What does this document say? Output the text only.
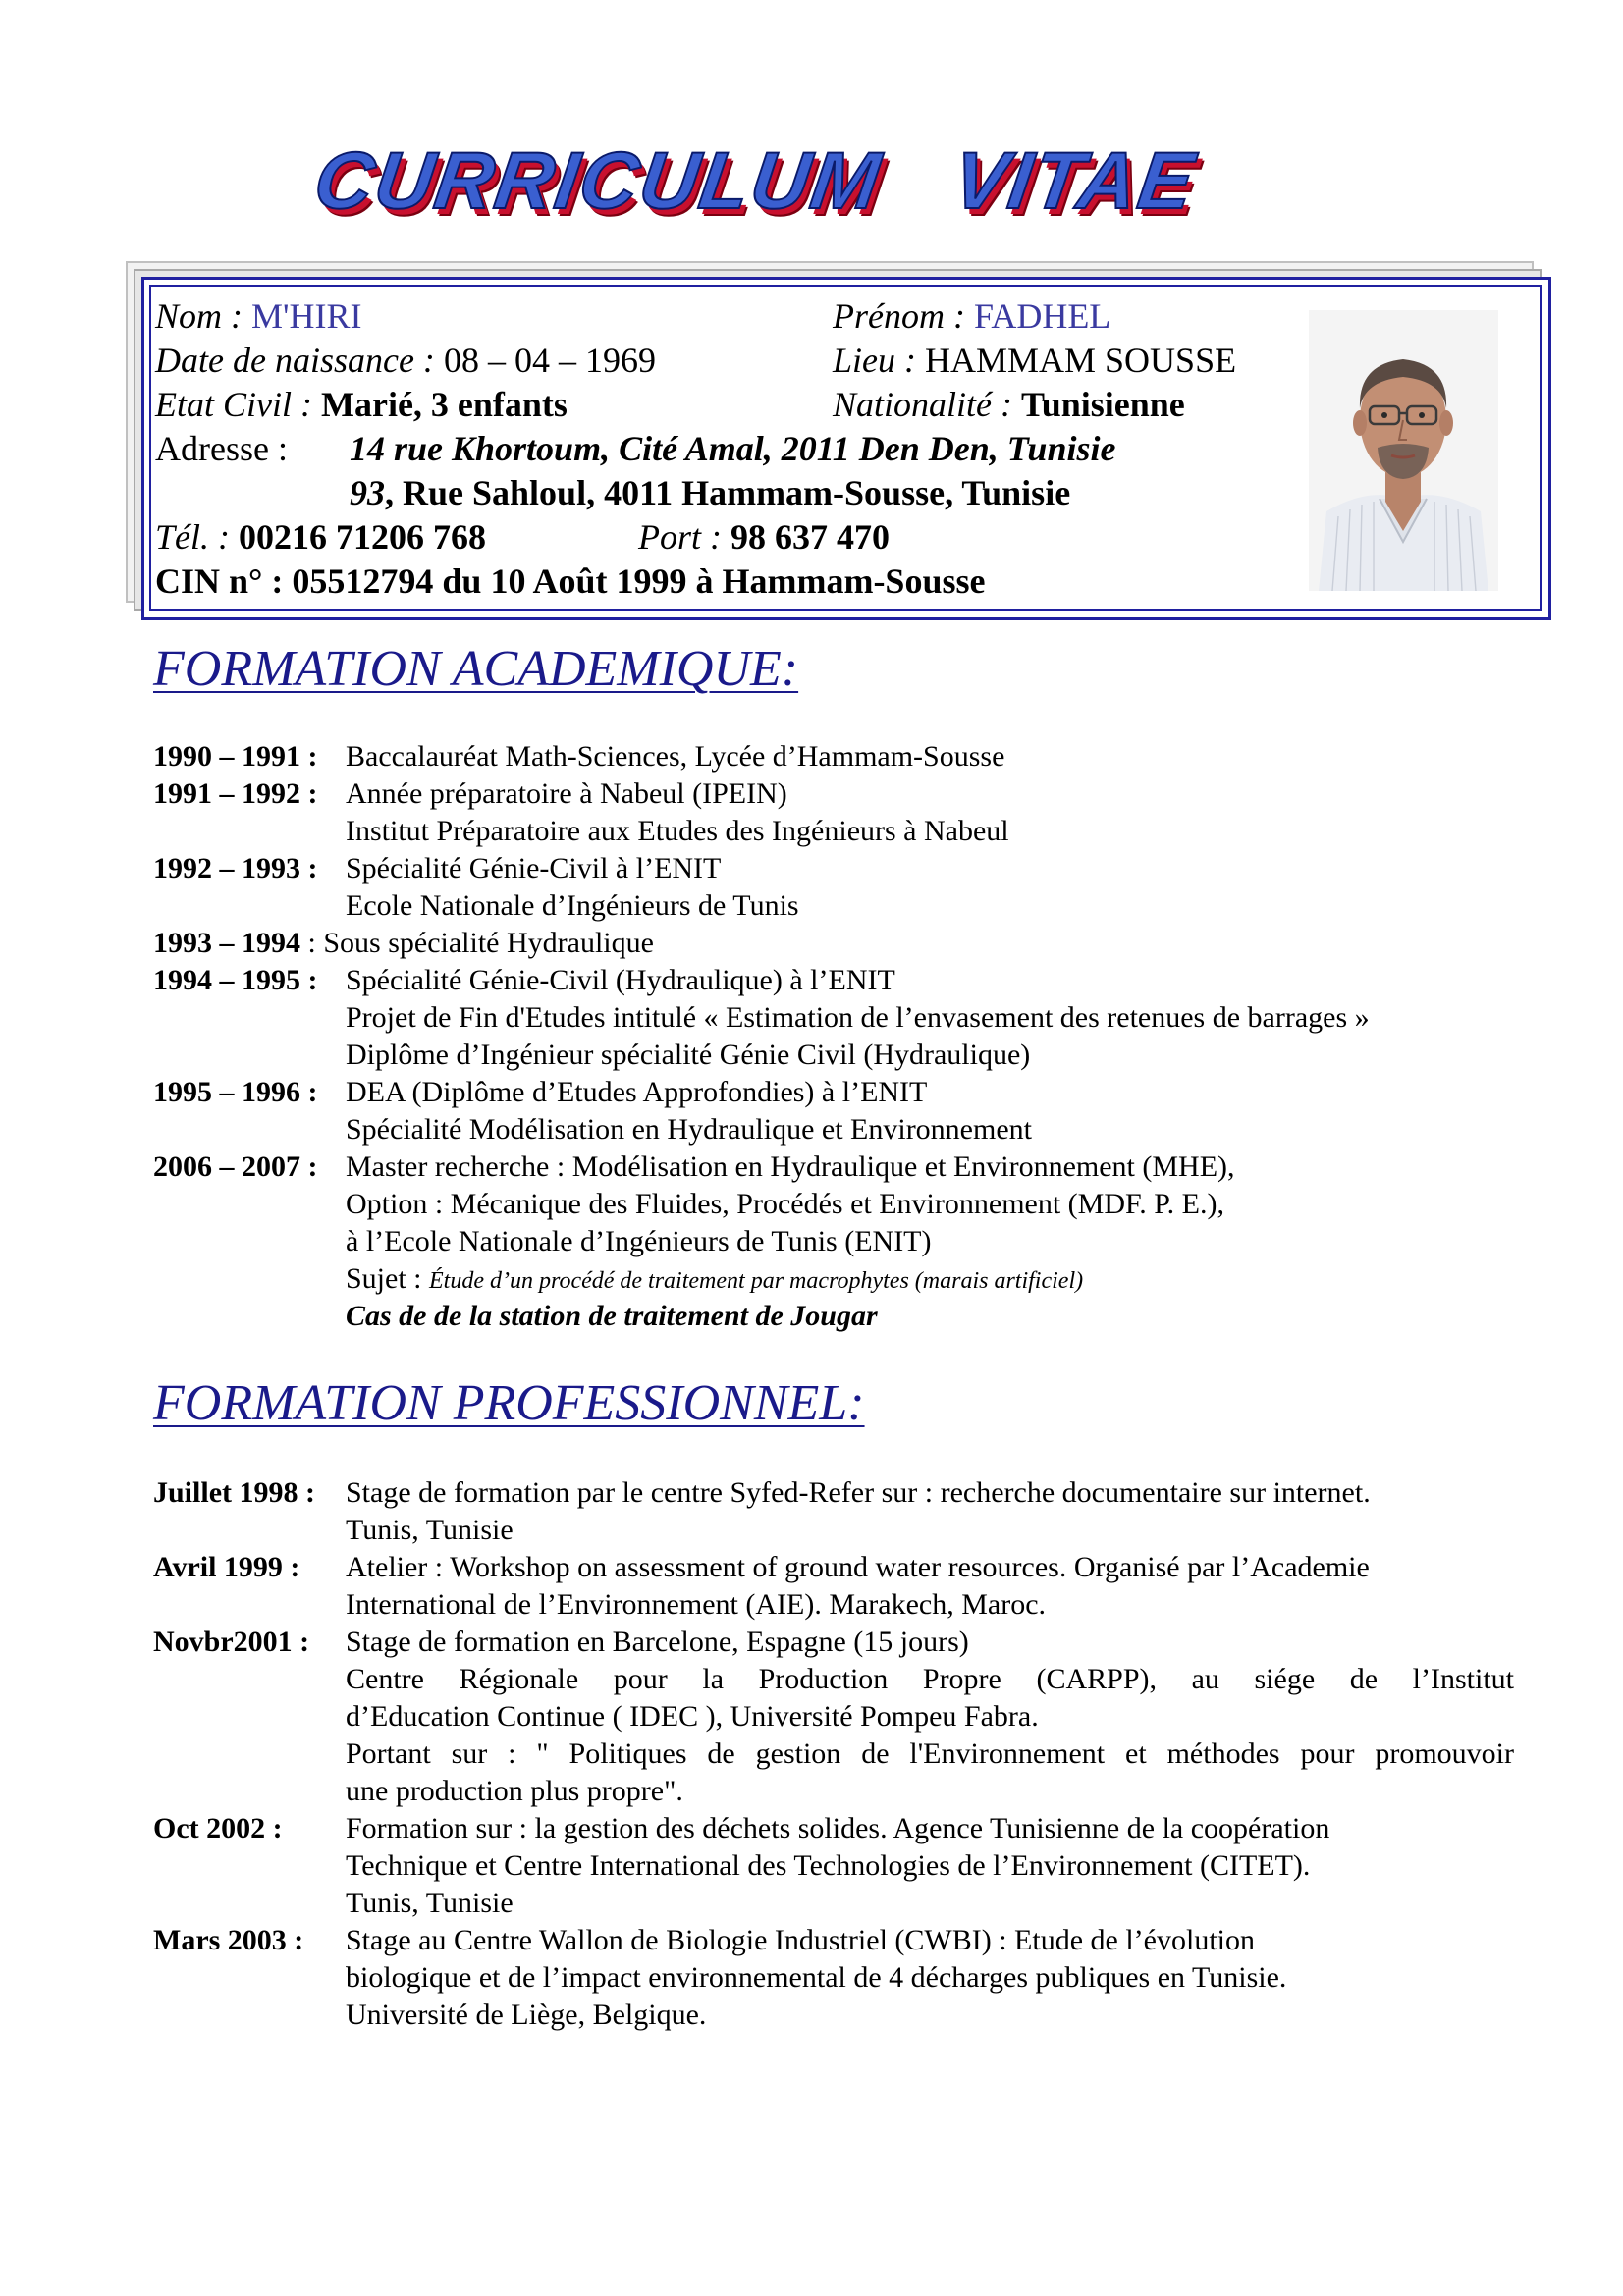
CURRICULUM   VITAE
Nom : M'HIRI	Prénom : FADHEL
Date de naissance : 08 – 04 – 1969	Lieu : HAMMAM SOUSSE
Etat Civil : Marié, 3 enfants	Nationalité : Tunisienne
Adresse : 14 rue Khortoum, Cité Amal, 2011 Den Den, Tunisie
93, Rue Sahloul, 4011 Hammam-Sousse, Tunisie
Tél. : 00216 71206 768	Port : 98 637 470
CIN n° : 05512794 du 10 Août 1999 à Hammam-Sousse
FORMATION ACADEMIQUE:
1990 – 1991 : Baccalauréat Math-Sciences, Lycée d’Hammam-Sousse
1991 – 1992 : Année préparatoire à Nabeul (IPEIN)
Institut Préparatoire aux Etudes des Ingénieurs à Nabeul
1992 – 1993 : Spécialité Génie-Civil à l’ENIT
Ecole Nationale d’Ingénieurs de Tunis
1993 – 1994 : Sous spécialité Hydraulique
1994 – 1995 : Spécialité Génie-Civil (Hydraulique) à l’ENIT
Projet de Fin d'Etudes intitulé « Estimation de l’envasement des retenues de barrages »
Diplôme d’Ingénieur spécialité Génie Civil (Hydraulique)
1995 – 1996 : DEA (Diplôme d’Etudes Approfondies) à l’ENIT
Spécialité Modélisation en Hydraulique et Environnement
2006 – 2007 : Master recherche : Modélisation en Hydraulique et Environnement (MHE),
Option : Mécanique des Fluides, Procédés et Environnement (MDF. P. E.),
à l’Ecole Nationale d’Ingénieurs de Tunis (ENIT)
Sujet : Étude d’un procédé de traitement par macrophytes (marais artificiel)
Cas de de la station de traitement de Jougar
FORMATION PROFESSIONNEL:
Juillet 1998 : Stage de formation par le centre Syfed-Refer sur : recherche documentaire sur internet.
Tunis, Tunisie
Avril 1999 : Atelier : Workshop on assessment of ground water resources. Organisé par l’Academie
International de l’Environnement (AIE). Marakech, Maroc.
Novbr2001 : Stage de formation en Barcelone, Espagne (15 jours)
Centre Régionale pour la Production Propre (CARPP), au siége de l’Institut
d’Education Continue ( IDEC ), Université Pompeu Fabra.
Portant sur : " Politiques de gestion de l'Environnement et méthodes pour promouvoir
une production plus propre".
Oct 2002 : Formation sur : la gestion des déchets solides. Agence Tunisienne de la coopération
Technique et Centre International des Technologies de l’Environnement (CITET).
Tunis, Tunisie
Mars 2003 : Stage au Centre Wallon de Biologie Industriel (CWBI) : Etude de l’évolution
biologique et de l’impact environnemental de 4 décharges publiques en Tunisie.
Université de Liège, Belgique.
